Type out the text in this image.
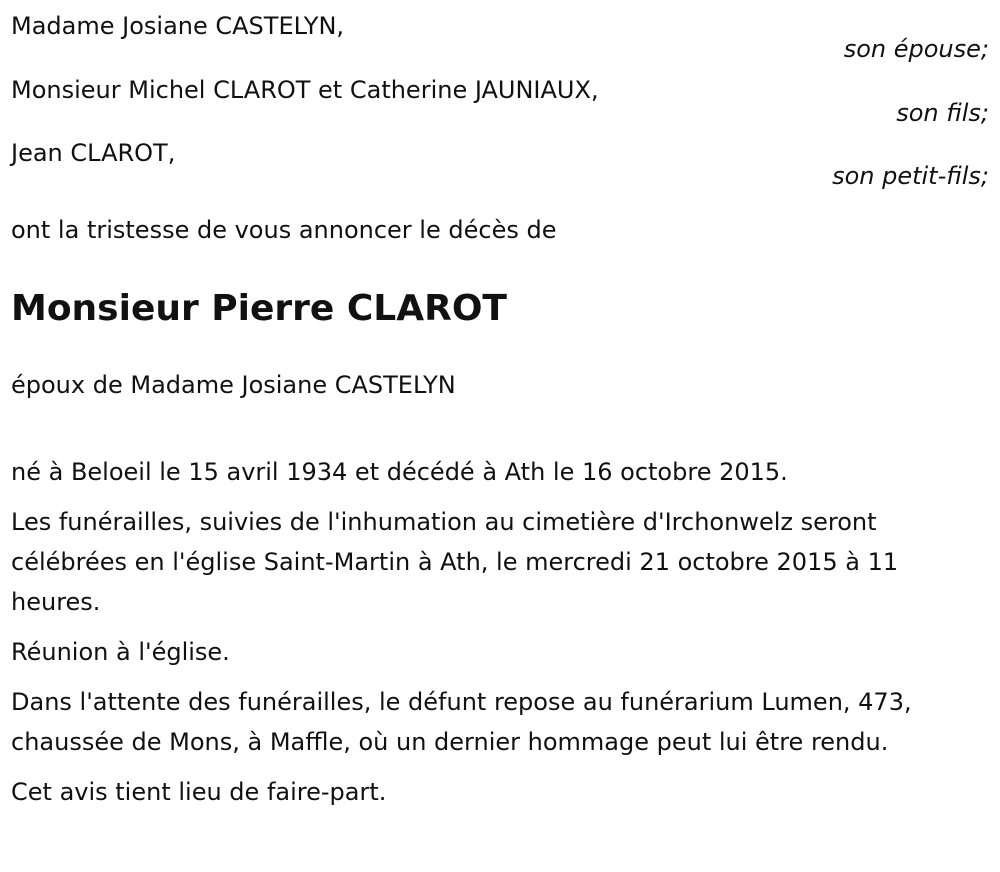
Madame Josiane CASTELYN,
son épouse;
Monsieur Michel CLAROT et Catherine JAUNIAUX,
son fils;
Jean CLAROT,
son petit-fils;
ont la tristesse de vous annoncer le décès de
Monsieur Pierre CLAROT
époux de Madame Josiane CASTELYN

né à Beloeil le 15 avril 1934 et décédé à Ath le 16 octobre 2015.

Les funérailles, suivies de l'inhumation au cimetière d'Irchonwelz seront célébrées en l'église Saint-Martin à Ath, le mercredi 21 octobre 2015 à 11 heures.

Réunion à l'église.

Dans l'attente des funérailles, le défunt repose au funérarium Lumen, 473, chaussée de Mons, à Maffle, où un dernier hommage peut lui être rendu.

Cet avis tient lieu de faire-part.
